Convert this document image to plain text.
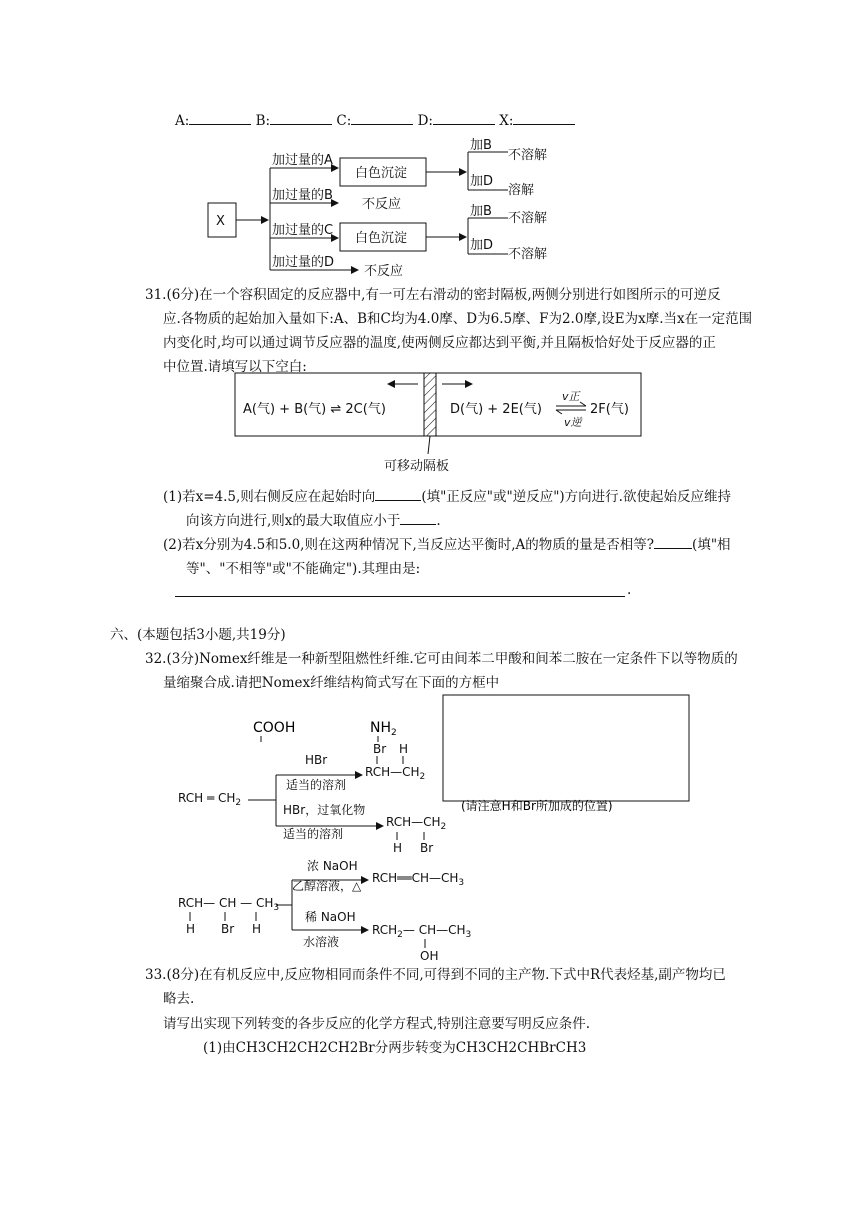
A:	B:	C:	D:	X:
X
加过量的A
加过量的B
加过量的C
加过量的D
白色沉淀
白色沉淀
不反应
不反应
加B
不溶解
加D
溶解
加B 不溶解
加D
不溶解
31.(6分)在一个容积固定的反应器中,有一可左右滑动的密封隔板,两侧分别进行如图所示的可逆反
应.各物质的起始加入量如下:A、B和C均为4.0摩、D为6.5摩、F为2.0摩,设E为x摩.当x在一定范围
内变化时,均可以通过调节反应器的温度,使两侧反应都达到平衡,并且隔板恰好处于反应器的正
中位置.请填写以下空白:
A(气) + B(气) ⇌ 2C(气)	D(气) + 2E(气)	2F(气)
v正
v逆
可移动隔板
(1)若x=4.5,则右侧反应在起始时向	(填"正反应"或"逆反应")方向进行.欲使起始反应维持
向该方向进行,则x的最大取值应小于	.
(2)若x分别为4.5和5.0,则在这两种情况下,当反应达平衡时,A的物质的量是否相等?	(填"相
等"、"不相等"或"不能确定").其理由是:
.
六、(本题包括3小题,共19分)
32.(3分)Nomex纤维是一种新型阻燃性纤维.它可由间苯二甲酸和间苯二胺在一定条件下以等物质的
量缩聚合成.请把Nomex纤维结构简式写在下面的方框中
(请注意H和Br所加成的位置)
COOH	$NH_2$
RCH ═ $CH_2$
HBr
适当的溶剂
Br H
$RCH—CH_2$
HBr，过氧化物
适当的溶剂
$RCH—CH_2$
H Br
RCH— CH — $CH_3$
H Br H
浓 NaOH
乙醇溶液，△
$RCH══CH—CH_3$
稀 NaOH
水溶液
$RCH_2—$ $CH—CH_3$
OH
33.(8分)在有机反应中,反应物相同而条件不同,可得到不同的主产物.下式中R代表烃基,副产物均已
略去.
请写出实现下列转变的各步反应的化学方程式,特别注意要写明反应条件.
(1)由CH3CH2CH2CH2Br分两步转变为CH3CH2CHBrCH3
